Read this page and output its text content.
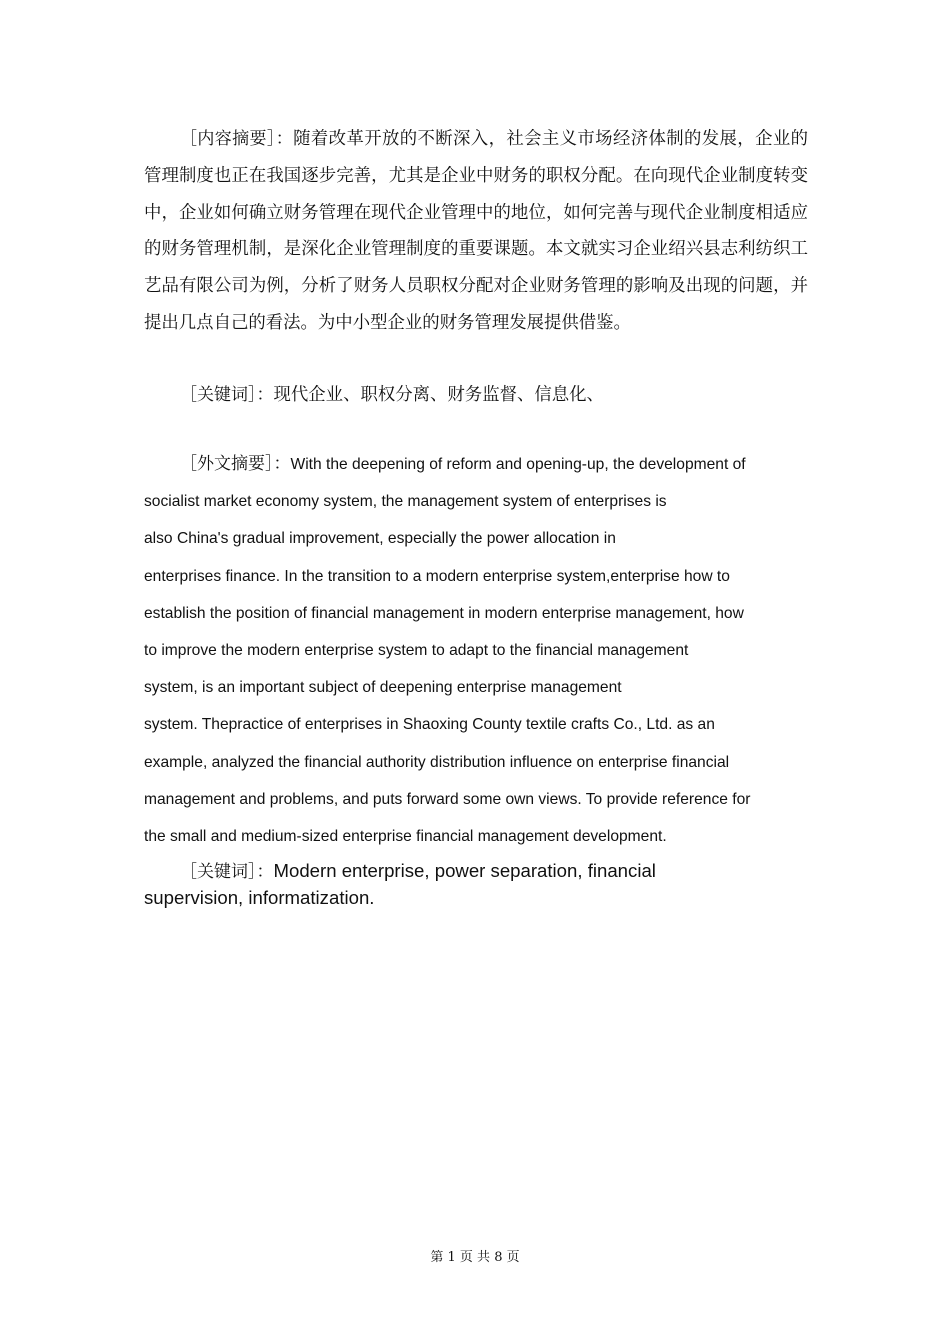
［内容摘要］：随着改革开放的不断深入，社会主义市场经济体制的发展，企业的管理制度也正在我国逐步完善，尤其是企业中财务的职权分配。在向现代企业制度转变中，企业如何确立财务管理在现代企业管理中的地位，如何完善与现代企业制度相适应的财务管理机制，是深化企业管理制度的重要课题。本文就实习企业绍兴县志利纺织工艺品有限公司为例，分析了财务人员职权分配对企业财务管理的影响及出现的问题，并提出几点自己的看法。为中小型企业的财务管理发展提供借鉴。

［关键词］：现代企业、职权分离、财务监督、信息化、

［外文摘要］：With the deepening of reform and opening-up, the development of
socialist market economy system, the management system of enterprises is
also China's gradual improvement, especially the power allocation in
enterprises finance. In the transition to a modern enterprise system,enterprise how to
establish the position of financial management in modern enterprise management, how
to improve the modern enterprise system to adapt to the financial management
system, is an important subject of deepening enterprise management
system. Thepractice of enterprises in Shaoxing County textile crafts Co., Ltd. as an
example, analyzed the financial authority distribution influence on enterprise financial
management and problems, and puts forward some own views. To provide reference for
the small and medium-sized enterprise financial management development.
［关键词］：Modern enterprise, power separation, financial
supervision, informatization.
第 1 页 共 8 页
